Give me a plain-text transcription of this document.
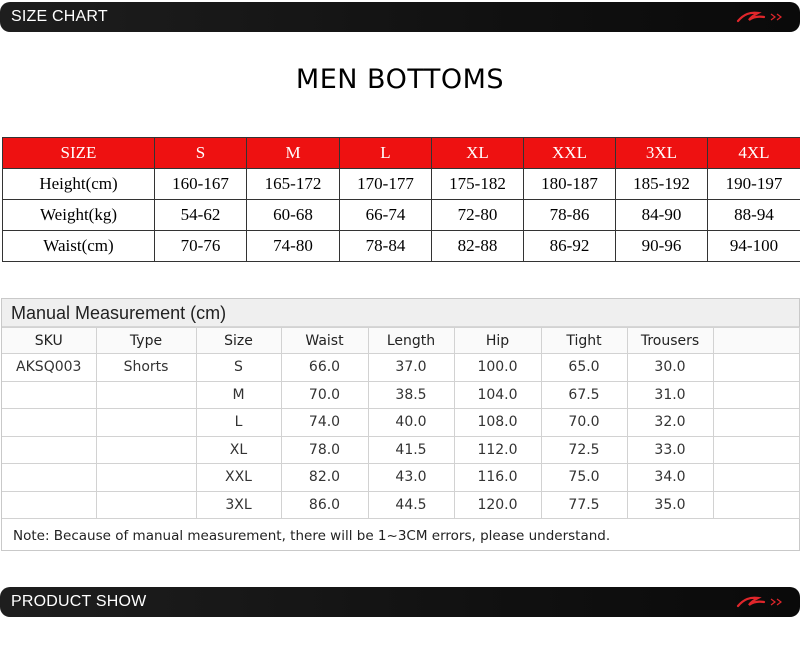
SIZE CHART
MEN BOTTOMS
SIZE	S	M	L	XL	XXL	3XL	4XL
Height(cm)	160-167	165-172	170-177	175-182	180-187	185-192	190-197
Weight(kg)	54-62	60-68	66-74	72-80	78-86	84-90	88-94
Waist(cm)	70-76	74-80	78-84	82-88	86-92	90-96	94-100
Manual Measurement (cm)
SKU	Type	Size	Waist	Length	Hip	Tight	Trousers	
AKSQ003	Shorts	S	66.0	37.0	100.0	65.0	30.0	
		M	70.0	38.5	104.0	67.5	31.0	
		L	74.0	40.0	108.0	70.0	32.0	
		XL	78.0	41.5	112.0	72.5	33.0	
		XXL	82.0	43.0	116.0	75.0	34.0	
		3XL	86.0	44.5	120.0	77.5	35.0	
Note: Because of manual measurement, there will be 1~3CM errors, please understand.
PRODUCT SHOW
